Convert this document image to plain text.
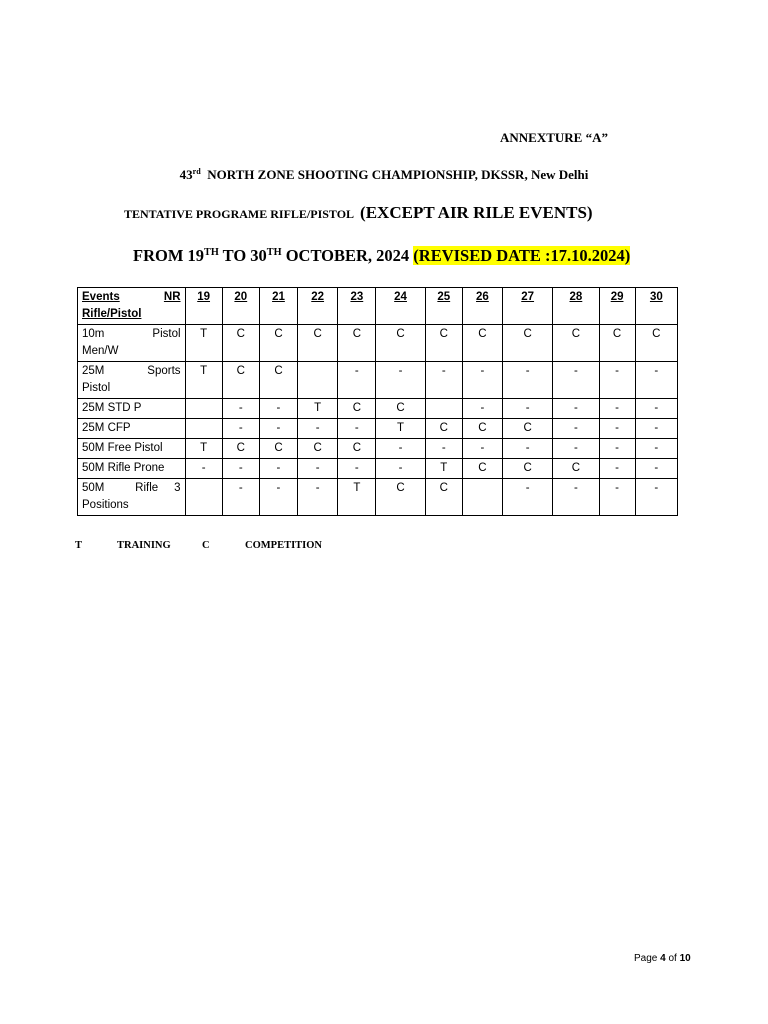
ANNEXTURE “A”
43rd NORTH ZONE SHOOTING CHAMPIONSHIP, DKSSR, New Delhi
TENTATIVE PROGRAME RIFLE/PISTOL (EXCEPT AIR RILE EVENTS)
FROM 19TH TO 30TH OCTOBER, 2024 (REVISED DATE :17.10.2024)
Events NR
Rifle/Pistol	19	20	21	22	23	24	25	26	27	28	29	30

10m Pistol
Men/W	T	C	C	C	C	C	C	C	C	C	C	C

25M Sports
Pistol	T	C	C		-	-	-	-	-	-	-	-
25M STD P		-	-	T	C	C		-	-	-	-	-
25M CFP		-	-	-	-	T	C	C	C	-	-	-
50M Free Pistol	T	C	C	C	C	-	-	-	-	-	-	-
50M Rifle Prone	-	-	-	-	-	-	T	C	C	C	-	-

50M Rifle     3
Positions		-	-	-	T	C	C		-	-	-	-
T	TRAINING	C	COMPETITION
Page 4 of 10
